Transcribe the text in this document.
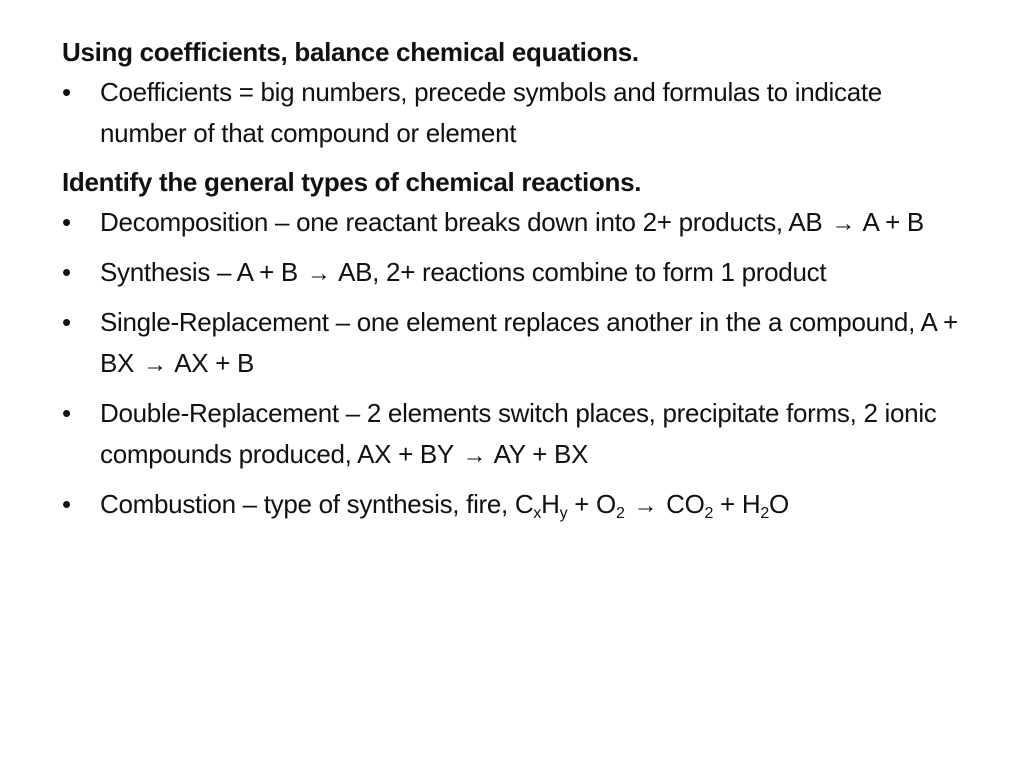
Using coefficients, balance chemical equations.

•	Coefficients = big numbers, precede symbols and formulas to indicate number of that compound or element

Identify the general types of chemical reactions.

•	Decomposition – one reactant breaks down into 2+ products, AB → A + B
•	Synthesis – A + B → AB, 2+ reactions combine to form 1 product
•	Single-Replacement – one element replaces another in the a compound, A + BX → AX + B
•	Double-Replacement – 2 elements switch places, precipitate forms, 2 ionic compounds produced, AX + BY → AY + BX
•	Combustion – type of synthesis, fire, $C_xH_y + O_2 \to CO_2 + H_2O$
